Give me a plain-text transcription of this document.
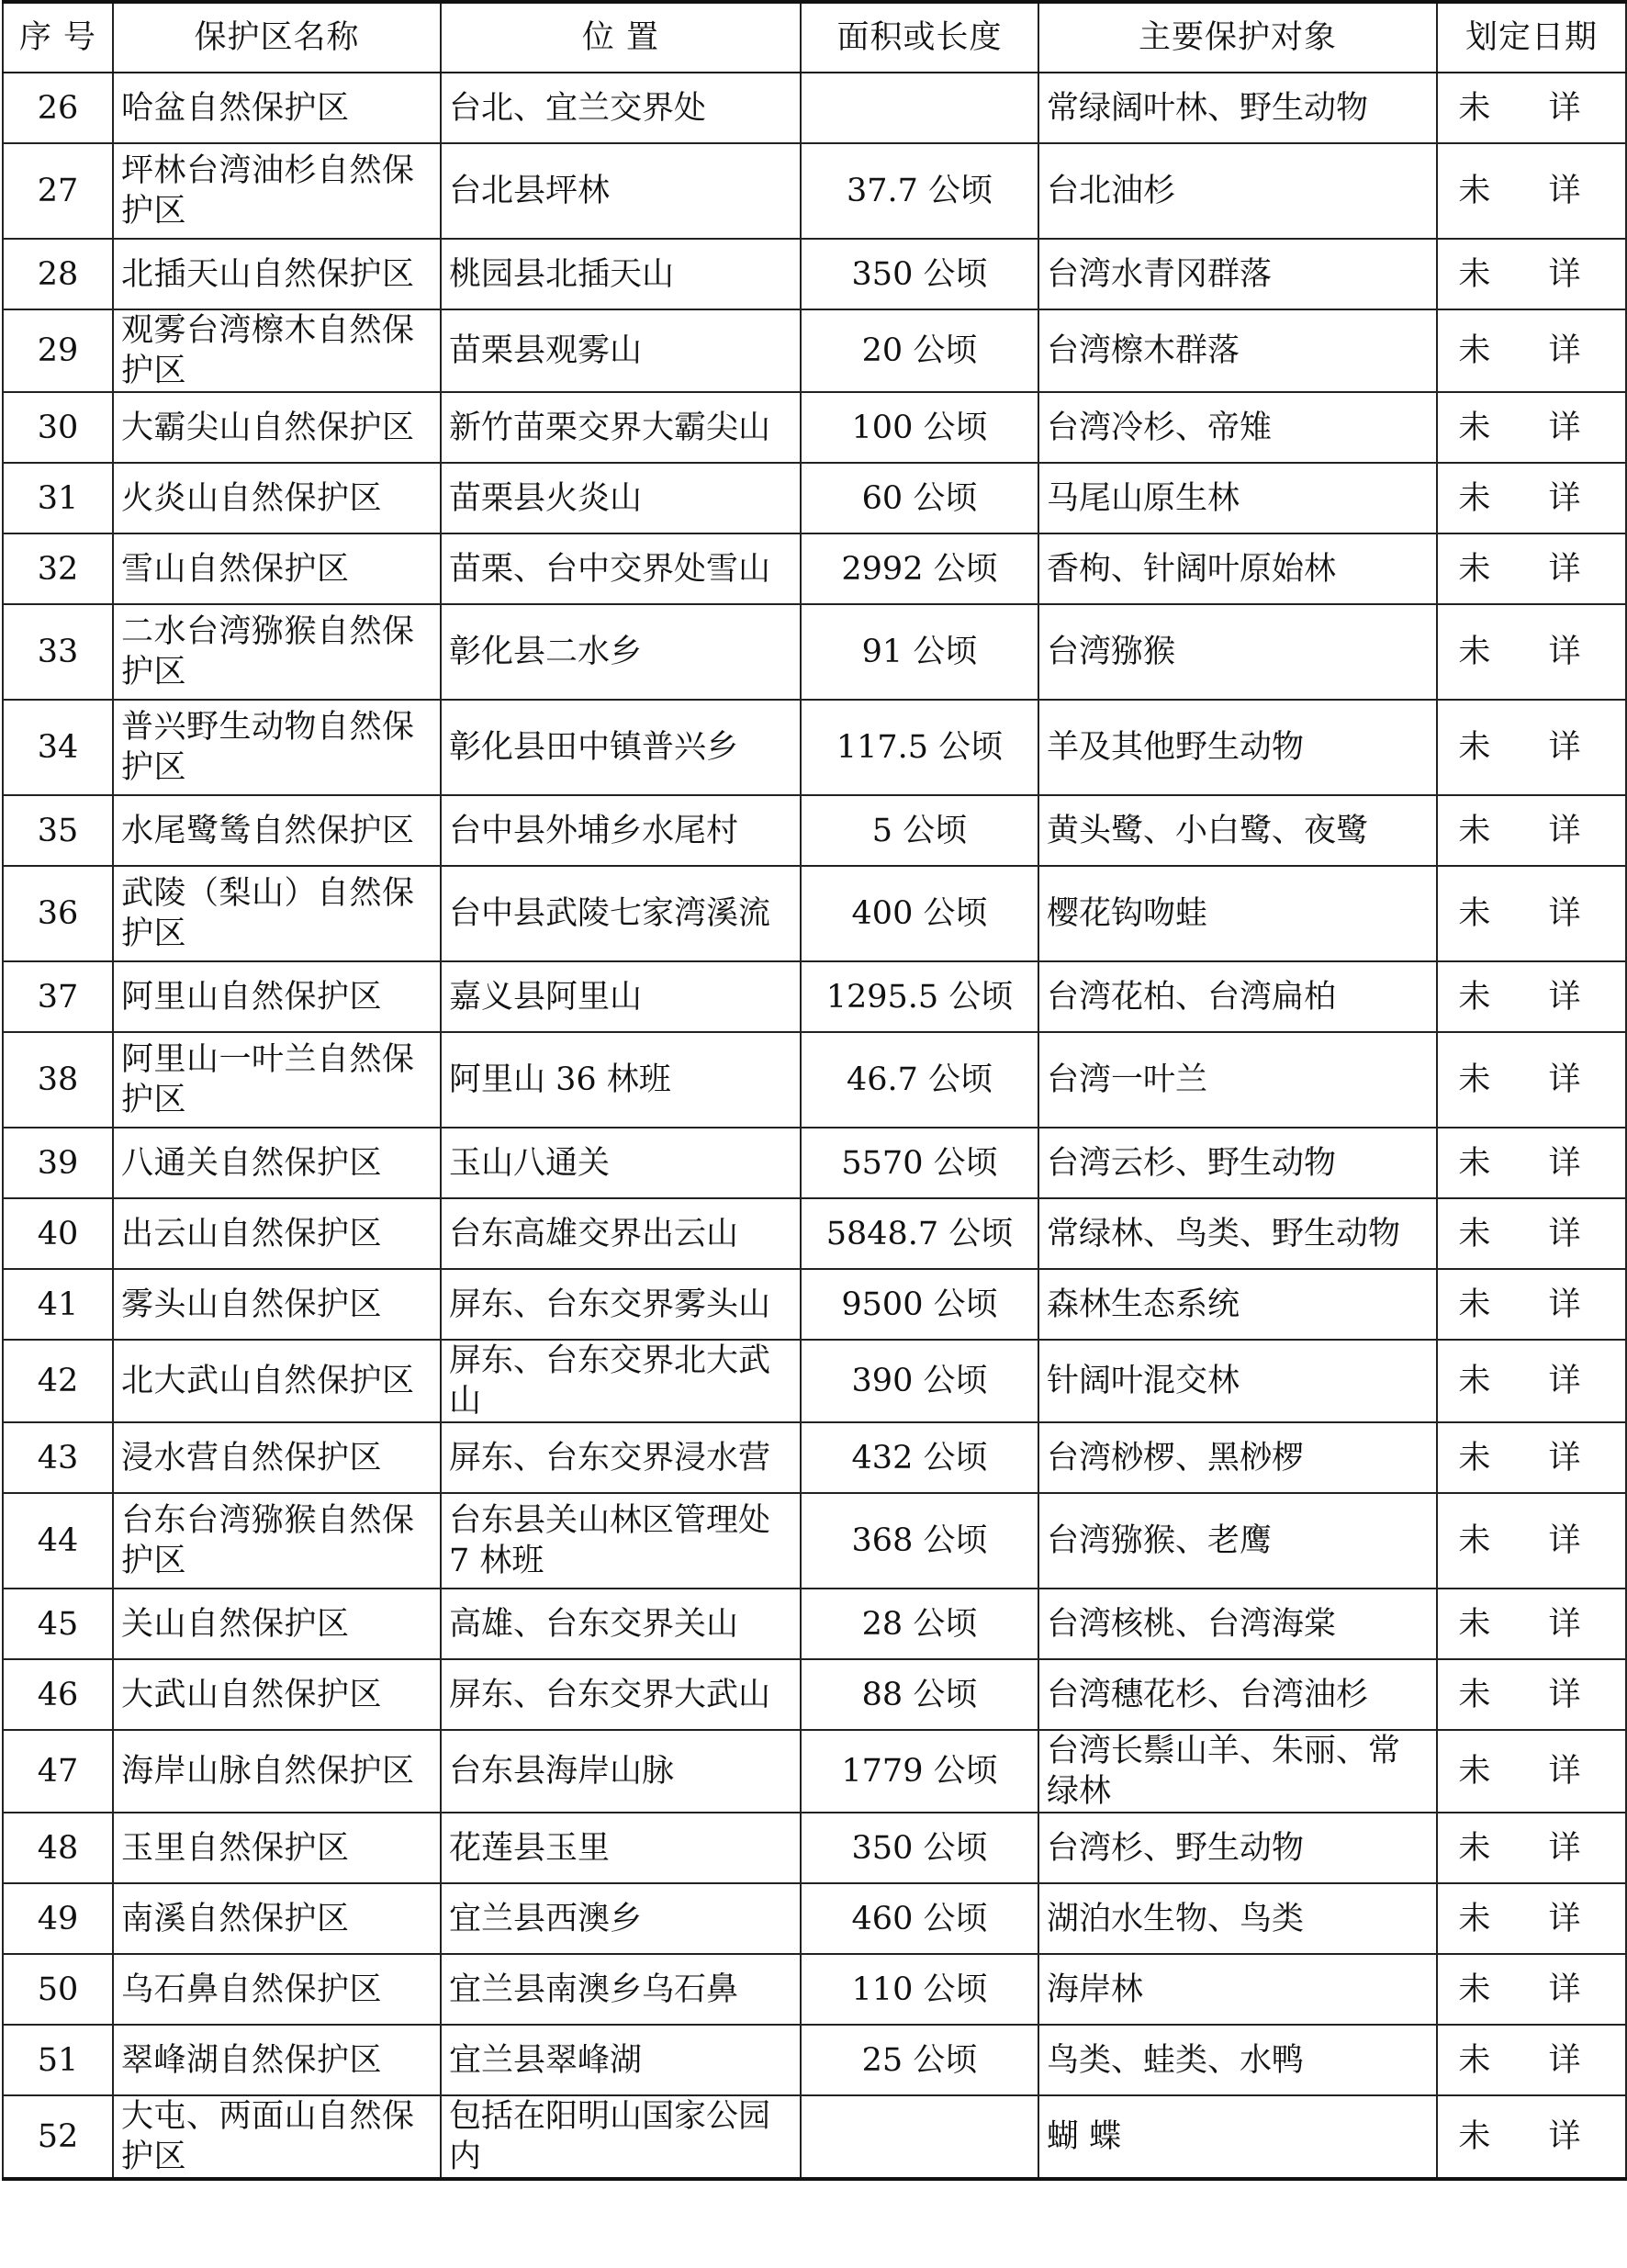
序 号	保护区名称	位 置	面积或长度	主要保护对象	划定日期
26	哈盆自然保护区	台北、宜兰交界处		常绿阔叶林、野生动物	未 详
27	坪林台湾油杉自然保护区	台北县坪林	37.7 公顷	台北油杉	未 详
28	北插天山自然保护区	桃园县北插天山	350 公顷	台湾水青冈群落	未 详
29	观雾台湾檫木自然保护区	苗栗县观雾山	20 公顷	台湾檫木群落	未 详
30	大霸尖山自然保护区	新竹苗栗交界大霸尖山	100 公顷	台湾冷杉、帝雉	未 详
31	火炎山自然保护区	苗栗县火炎山	60 公顷	马尾山原生林	未 详
32	雪山自然保护区	苗栗、台中交界处雪山	2992 公顷	香枸、针阔叶原始林	未 详
33	二水台湾猕猴自然保护区	彰化县二水乡	91 公顷	台湾猕猴	未 详
34	普兴野生动物自然保护区	彰化县田中镇普兴乡	117.5 公顷	羊及其他野生动物	未 详
35	水尾鹭鸶自然保护区	台中县外埔乡水尾村	5 公顷	黄头鹭、小白鹭、夜鹭	未 详
36	武陵（梨山）自然保护区	台中县武陵七家湾溪流	400 公顷	樱花钩吻蛙	未 详
37	阿里山自然保护区	嘉义县阿里山	1295.5 公顷	台湾花柏、台湾扁柏	未 详
38	阿里山一叶兰自然保护区	阿里山 36 林班	46.7 公顷	台湾一叶兰	未 详
39	八通关自然保护区	玉山八通关	5570 公顷	台湾云杉、野生动物	未 详
40	出云山自然保护区	台东高雄交界出云山	5848.7 公顷	常绿林、鸟类、野生动物	未 详
41	雾头山自然保护区	屏东、台东交界雾头山	9500 公顷	森林生态系统	未 详
42	北大武山自然保护区	屏东、台东交界北大武山	390 公顷	针阔叶混交林	未 详
43	浸水营自然保护区	屏东、台东交界浸水营	432 公顷	台湾桫椤、黑桫椤	未 详
44	台东台湾猕猴自然保护区	台东县关山林区管理处 7 林班	368 公顷	台湾猕猴、老鹰	未 详
45	关山自然保护区	高雄、台东交界关山	28 公顷	台湾核桃、台湾海棠	未 详
46	大武山自然保护区	屏东、台东交界大武山	88 公顷	台湾穗花杉、台湾油杉	未 详
47	海岸山脉自然保护区	台东县海岸山脉	1779 公顷	台湾长鬃山羊、朱丽、常绿林	未 详
48	玉里自然保护区	花莲县玉里	350 公顷	台湾杉、野生动物	未 详
49	南溪自然保护区	宜兰县西澳乡	460 公顷	湖泊水生物、鸟类	未 详
50	乌石鼻自然保护区	宜兰县南澳乡乌石鼻	110 公顷	海岸林	未 详
51	翠峰湖自然保护区	宜兰县翠峰湖	25 公顷	鸟类、蛙类、水鸭	未 详
52	大屯、两面山自然保护区	包括在阳明山国家公园内		蝴 蝶	未 详
